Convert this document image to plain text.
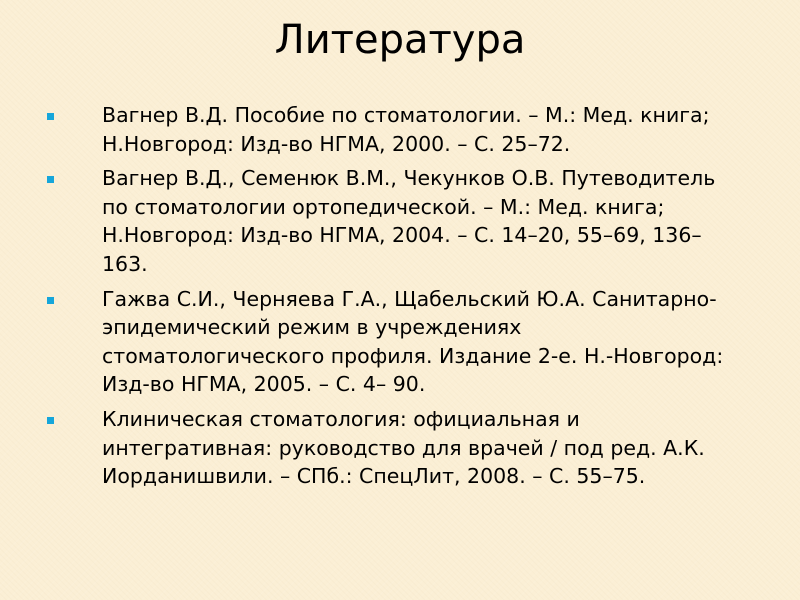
Литература
Вагнер В.Д. Пособие по стоматологии. – М.: Мед. книга; Н.Новгород: Изд-во НГМА, 2000. – С. 25–72.
Вагнер В.Д., Семенюк В.М., Чекунков О.В. Путеводитель по стоматологии ортопедической. – М.: Мед. книга; Н.Новгород: Изд-во НГМА, 2004. – С. 14–20, 55–69, 136–163.
Гажва С.И., Черняева Г.А., Щабельский Ю.А. Санитарно-эпидемический режим в учреждениях стоматологического профиля. Издание 2-е. Н.-Новгород: Изд-во НГМА, 2005. – С. 4– 90.
Клиническая стоматология: официальная и интегративная: руководство для врачей / под ред. А.К. Иорданишвили. – СПб.: СпецЛит, 2008. – С. 55–75.
